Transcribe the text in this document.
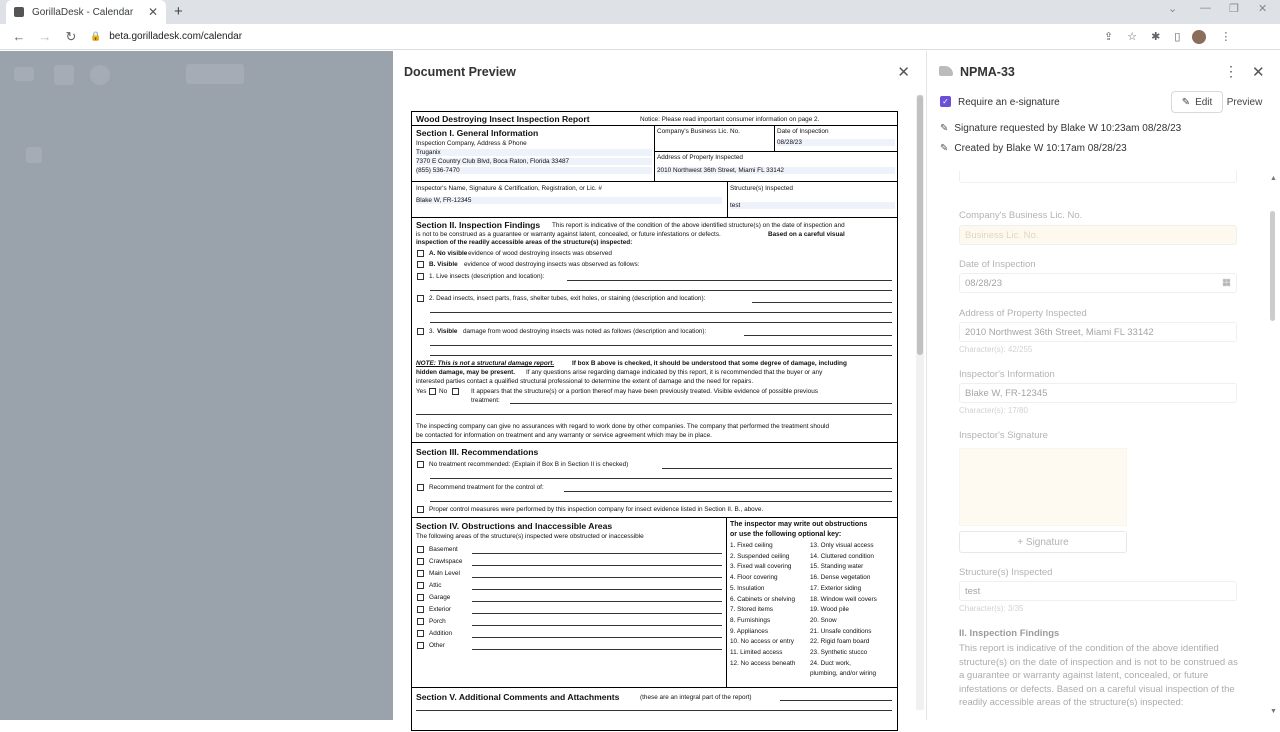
GorillaDesk - Calendar	✕ +	⌄ — ❐ ✕
← → ↻ 🔒 beta.gorilladesk.com/calendar	⇪ ☆ ✱ ▯	⋮
Document Preview	✕
Wood Destroying Insect Inspection Report	Notice: Please read important consumer information on page 2.
Section I. General Information
Inspection Company, Address & Phone
Truganix
7370 E Country Club Blvd, Boca Raton, Florida 33487
(855) 536-7470
Company's Business Lic. No.	Date of Inspection
08/28/23
Address of Property Inspected
2010 Northwest 36th Street, Miami FL 33142
Inspector's Name, Signature & Certification, Registration, or Lic. #
Blake W, FR-12345
Structure(s) Inspected
test
Section II. Inspection Findings This report is indicative of the condition of the above identified structure(s) on the date of inspection and
is not to be construed as a guarantee or warranty against latent, concealed, or future infestations or defects.	Based on a careful visual
inspection of the readily accessible areas of the structure(s) inspected:
A. No visible evidence of wood destroying insects was observed
B. Visible evidence of wood destroying insects was observed as follows:
1. Live insects (description and location):
2. Dead insects, insect parts, frass, shelter tubes, exit holes, or staining (description and location):
3. Visible damage from wood destroying insects was noted as follows (description and location):
NOTE: This is not a structural damage report.	If box B above is checked, it should be understood that some degree of damage, including
hidden damage, may be present. If any questions arise regarding damage indicated by this report, it is recommended that the buyer or any
interested parties contact a qualified structural professional to determine the extent of damage and the need for repairs.
Yes No	It appears that the structure(s) or a portion thereof may have been previously treated. Visible evidence of possible previous
treatment:
The inspecting company can give no assurances with regard to work done by other companies. The company that performed the treatment should
be contacted for information on treatment and any warranty or service agreement which may be in place.
Section III. Recommendations
No treatment recommended: (Explain if Box B in Section II is checked)
Recommend treatment for the control of:
Proper control measures were performed by this inspection company for insect evidence listed in Section II. B., above.
Section IV. Obstructions and Inaccessible Areas
The following areas of the structure(s) inspected were obstructed or inaccessible
Basement
Crawlspace
Main Level
Attic
Garage
Exterior
Porch
Addition
Other
The inspector may write out obstructions
or use the following optional key:
1. Fixed ceiling
2. Suspended ceiling
3. Fixed wall covering
4. Floor covering
5. Insulation
6. Cabinets or shelving
7. Stored items
8. Furnishings
9. Appliances
10. No access or entry
11. Limited access
12. No access beneath
13. Only visual access
14. Cluttered condition
15. Standing water
16. Dense vegetation
17. Exterior siding
18. Window well covers
19. Wood pile
20. Snow
21. Unsafe conditions
22. Rigid foam board
23. Synthetic stucco
24. Duct work,
plumbing, and/or wiring
Section V. Additional Comments and Attachments	(these are an integral part of the report)
NPMA-33	⋮ ✕
✓ Require an e-signature	✎ Edit Preview
✎ Signature requested by Blake W 10:23am 08/28/23
✎ Created by Blake W 10:17am 08/28/23
Company's Business Lic. No.
Business Lic. No.
Date of Inspection
08/28/23	▦
Address of Property Inspected
2010 Northwest 36th Street, Miami FL 33142
Character(s): 42/255
Inspector's Information
Blake W, FR-12345
Character(s): 17/80
Inspector's Signature
+ Signature
Structure(s) Inspected
test
Character(s): 3/35
II. Inspection Findings
This report is indicative of the condition of the above identified structure(s) on the date of inspection and is not to be construed as a guarantee or warranty against latent, concealed, or future infestations or defects. Based on a careful visual inspection of the readily accessible areas of the structure(s) inspected:
▼
▲
